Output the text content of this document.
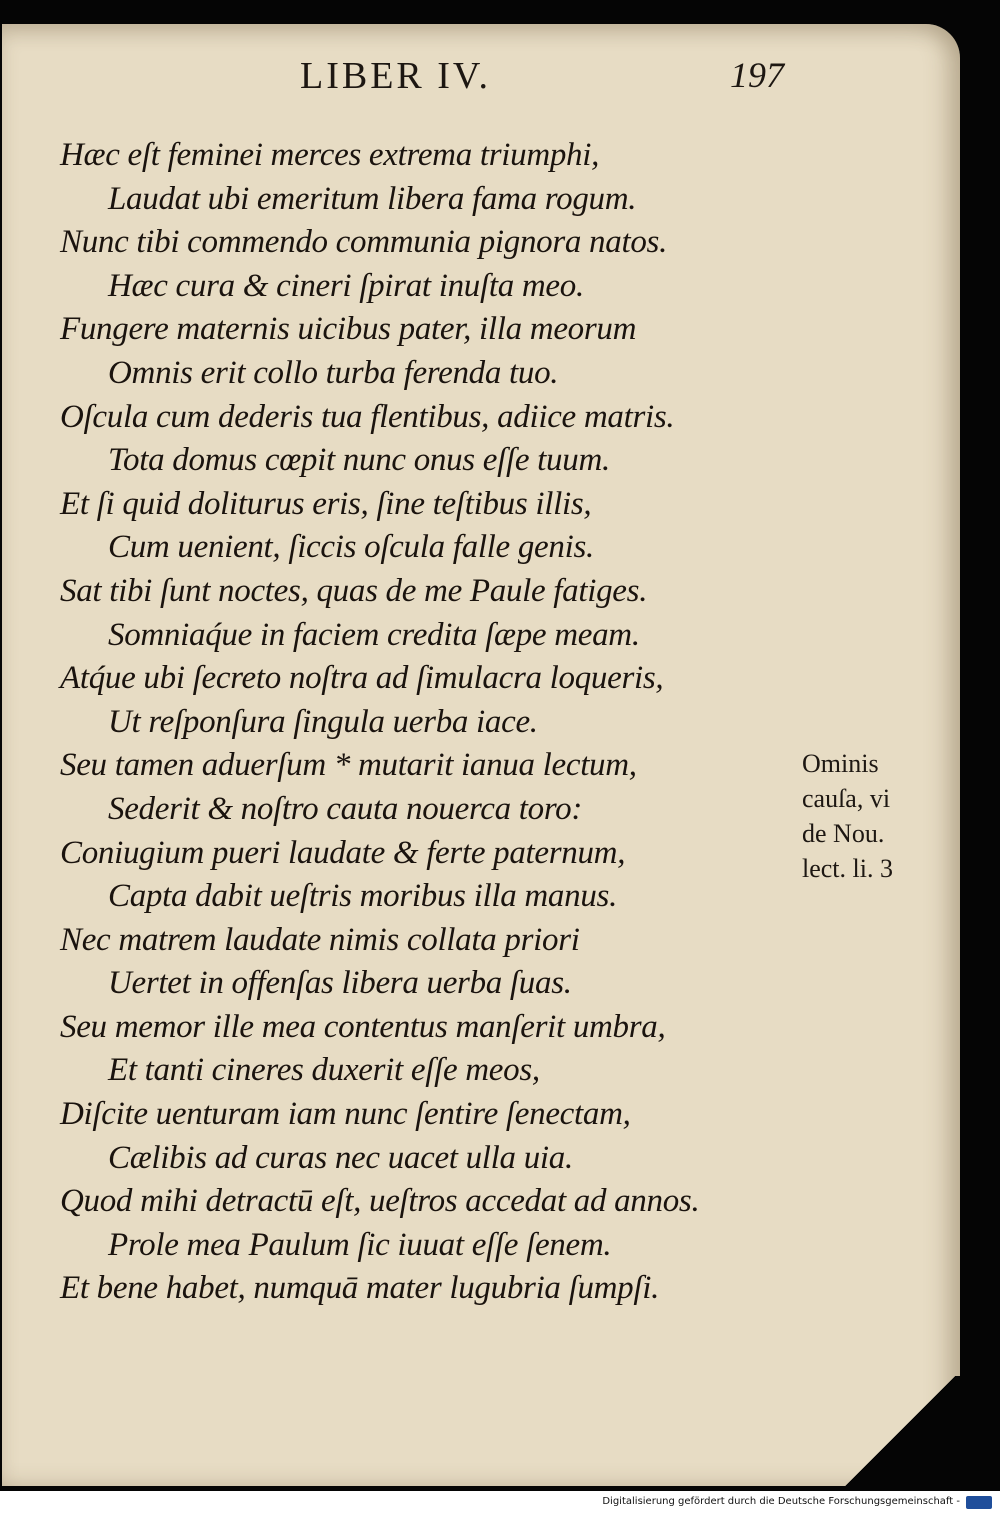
LIBER IV.	197
Hæc eſt feminei merces extrema triumphi,
Laudat ubi emeritum libera fama rogum.
Nunc tibi commendo communia pignora natos.
Hæc cura & cineri ſpirat inuſta meo.
Fungere maternis uicibus pater, illa meorum
Omnis erit collo turba ferenda tuo.
Oſcula cum dederis tua flentibus, adiice matris.
Tota domus cœpit nunc onus eſſe tuum.
Et ſi quid doliturus eris, ſine teſtibus illis,
Cum uenient, ſiccis oſcula falle genis.
Sat tibi ſunt noctes, quas de me Paule fatiges.
Somniaq́ue in faciem credita ſæpe meam.
Atq́ue ubi ſecreto noſtra ad ſimulacra loqueris,
Ut reſponſura ſingula uerba iace.
Seu tamen aduerſum * mutarit ianua lectum,
Sederit & noſtro cauta nouerca toro:
Coniugium pueri laudate & ferte paternum,
Capta dabit ueſtris moribus illa manus.
Nec matrem laudate nimis collata priori
Uertet in offenſas libera uerba ſuas.
Seu memor ille mea contentus manſerit umbra,
Et tanti cineres duxerit eſſe meos,
Diſcite uenturam iam nunc ſentire ſenectam,
Cælibis ad curas nec uacet ulla uia.
Quod mihi detractū eſt, ueſtros accedat ad annos.
Prole mea Paulum ſic iuuat eſſe ſenem.
Et bene habet, numquā mater lugubria ſumpſi.
Ominis
cauſa, vi
de Nou.
lect. li. 3
Digitalisierung gefördert durch die Deutsche Forschungsgemeinschaft -
